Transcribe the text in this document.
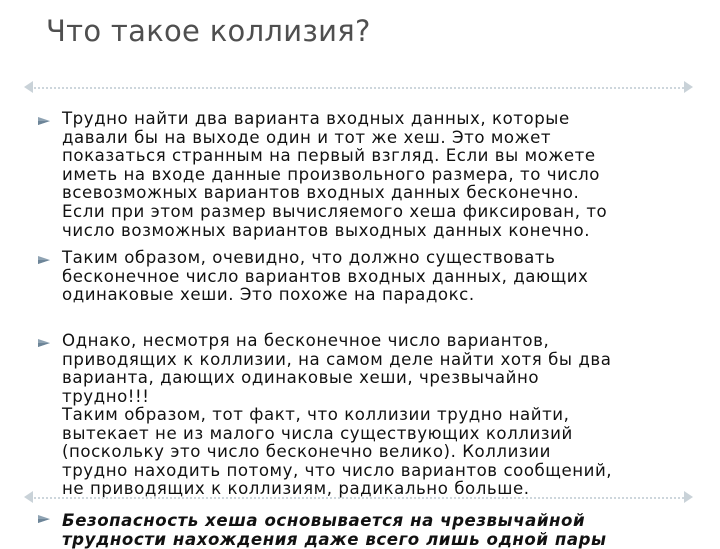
Что такое коллизия?
Трудно найти два варианта входных данных, которые
давали бы на выходе один и тот же хеш. Это может
показаться странным на первый взгляд. Если вы можете
иметь на входе данные произвольного размера, то число
всевозможных вариантов входных данных бесконечно.
Если при этом размер вычисляемого хеша фиксирован, то
число возможных вариантов выходных данных конечно.
Таким образом, очевидно, что должно существовать
бесконечное число вариантов входных данных, дающих
одинаковые хеши. Это похоже на парадокс.
Однако, несмотря на бесконечное число вариантов,
приводящих к коллизии, на самом деле найти хотя бы два
варианта, дающих одинаковые хеши, чрезвычайно
трудно!!!
Таким образом, тот факт, что коллизии трудно найти,
вытекает не из малого числа существующих коллизий
(поскольку это число бесконечно велико). Коллизии
трудно находить потому, что число вариантов сообщений,
не приводящих к коллизиям, радикально больше.
Безопасность хеша основывается на чрезвычайной
трудности нахождения даже всего лишь одной пары
